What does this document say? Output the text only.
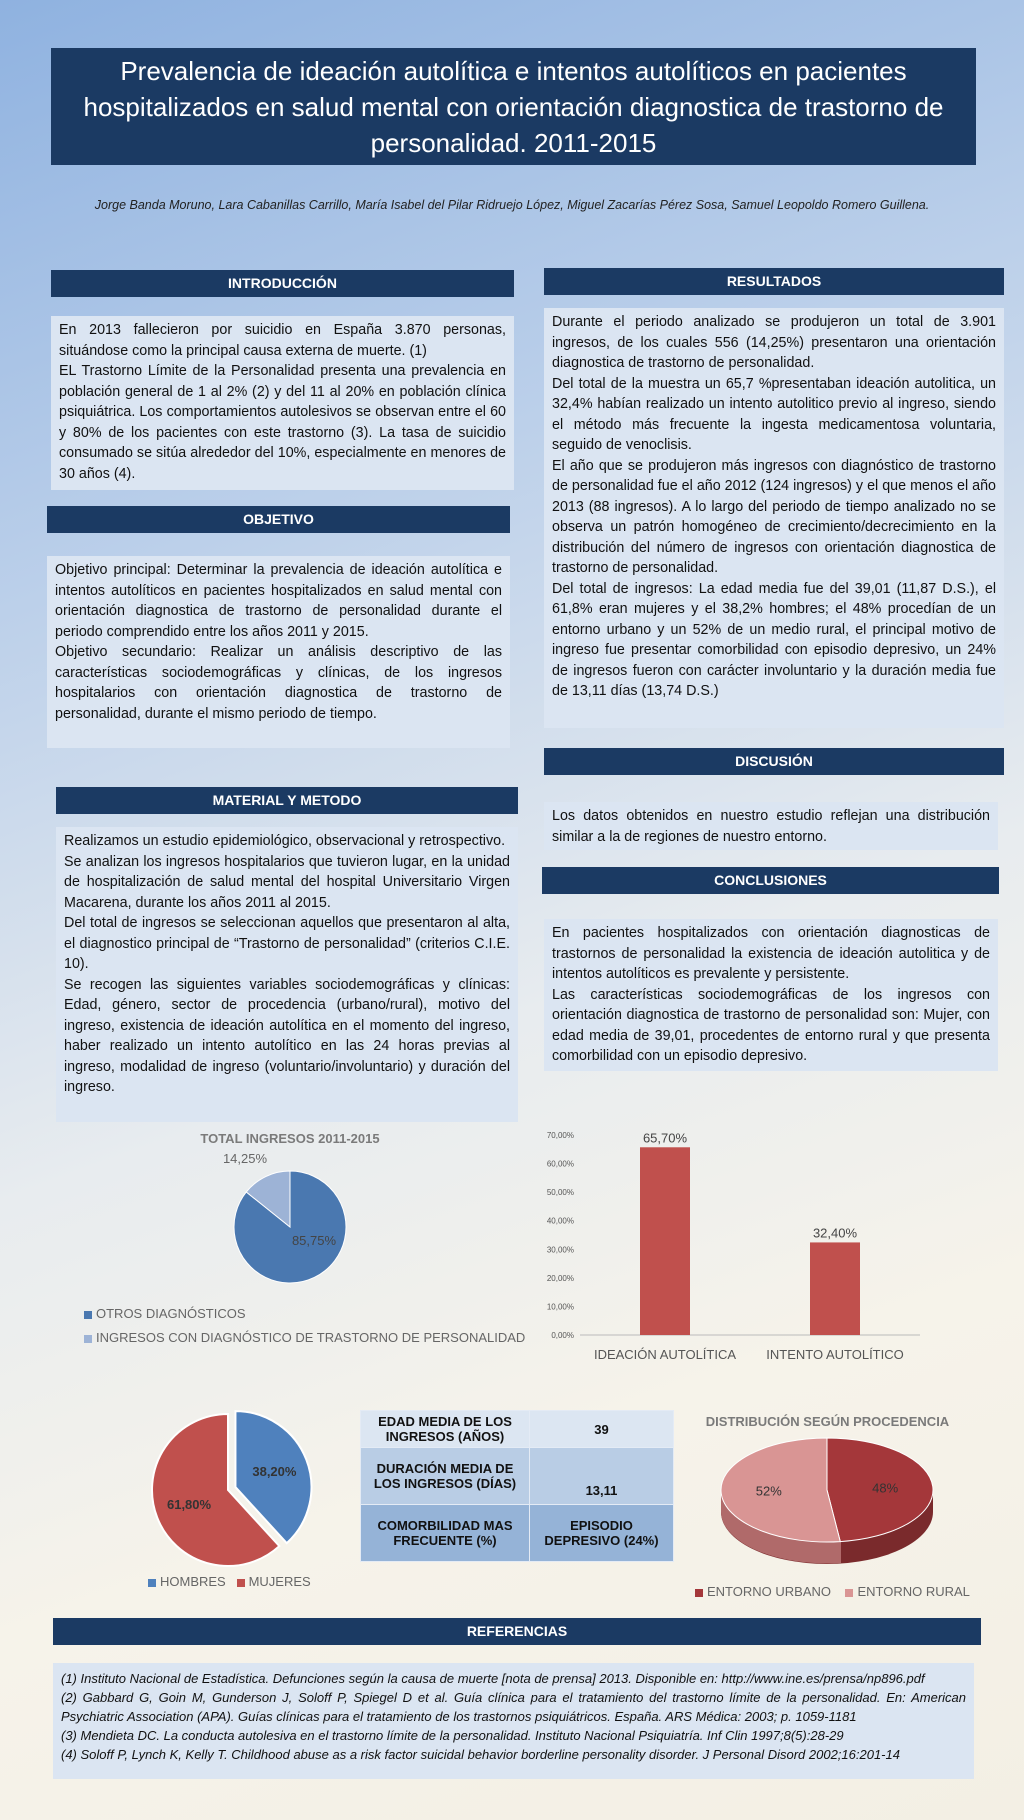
Prevalencia de ideación autolítica e intentos autolíticos en pacientes hospitalizados en salud mental con orientación diagnostica de trastorno de personalidad. 2011-2015
Jorge Banda Moruno, Lara Cabanillas Carrillo, María Isabel del Pilar Ridruejo López, Miguel Zacarías Pérez Sosa, Samuel Leopoldo Romero Guillena.
INTRODUCCIÓN

En 2013 fallecieron por suicidio en España 3.870 personas, situándose como la principal causa externa de muerte. (1)

EL Trastorno Límite de la Personalidad presenta una prevalencia en población general de 1 al 2% (2) y del 11 al 20% en población clínica psiquiátrica. Los comportamientos autolesivos se observan entre el 60 y 80% de los pacientes con este trastorno (3). La tasa de suicidio consumado se sitúa alrededor del 10%, especialmente en menores de 30 años (4).

OBJETIVO

Objetivo principal: Determinar la prevalencia de ideación autolítica e intentos autolíticos en pacientes hospitalizados en salud mental con orientación diagnostica de trastorno de personalidad durante el periodo comprendido entre los años 2011 y 2015.

Objetivo secundario: Realizar un análisis descriptivo de las características sociodemográficas y clínicas, de los ingresos hospitalarios con orientación diagnostica de trastorno de personalidad, durante el mismo periodo de tiempo.

MATERIAL Y METODO

Realizamos un estudio epidemiológico, observacional y retrospectivo.

Se analizan los ingresos hospitalarios que tuvieron lugar, en la unidad de hospitalización de salud mental del hospital Universitario Virgen Macarena, durante los años 2011 al 2015.

Del total de ingresos se seleccionan aquellos que presentaron al alta, el diagnostico principal de “Trastorno de personalidad” (criterios C.I.E. 10).

Se recogen las siguientes variables sociodemográficas y clínicas: Edad, género, sector de procedencia (urbano/rural), motivo del ingreso, existencia de ideación autolítica en el momento del ingreso, haber realizado un intento autolítico en las 24 horas previas al ingreso, modalidad de ingreso (voluntario/involuntario) y duración del ingreso.

RESULTADOS

Durante el periodo analizado se produjeron un total de 3.901 ingresos, de los cuales 556 (14,25%) presentaron una orientación diagnostica de trastorno de personalidad.

Del total de la muestra un 65,7 %presentaban ideación autolitica, un 32,4% habían realizado un intento autolitico previo al ingreso, siendo el método más frecuente la ingesta medicamentosa voluntaria, seguido de venoclisis.

El año que se produjeron más ingresos con diagnóstico de trastorno de personalidad fue el año 2012 (124 ingresos) y el que menos el año 2013 (88 ingresos). A lo largo del periodo de tiempo analizado no se observa un patrón homogéneo de crecimiento/decrecimiento en la distribución del número de ingresos con orientación diagnostica de trastorno de personalidad.

Del total de ingresos: La edad media fue del 39,01 (11,87 D.S.), el 61,8% eran mujeres y el 38,2% hombres; el 48% procedían de un entorno urbano y un 52% de un medio rural, el principal motivo de ingreso fue presentar comorbilidad con episodio depresivo, un 24% de ingresos fueron con carácter involuntario y la duración media fue de 13,11 días (13,74 D.S.)

DISCUSIÓN

Los datos obtenidos en nuestro estudio reflejan una distribución similar a la de regiones de nuestro entorno.

CONCLUSIONES

En pacientes hospitalizados con orientación diagnosticas de trastornos de personalidad la existencia de ideación autolitica y de intentos autolíticos es prevalente y persistente.

Las características sociodemográficas de los ingresos con orientación diagnostica de trastorno de personalidad son: Mujer, con edad media de 39,01, procedentes de entorno rural y que presenta comorbilidad con un episodio depresivo.

TOTAL INGRESOS 2011-2015
85,75%
14,25%
OTROS DIAGNÓSTICOS
INGRESOS CON DIAGNÓSTICO DE TRASTORNO DE PERSONALIDAD	0,00%
10,00%
20,00%
30,00%
40,00%
50,00%
60,00%
70,00%	65,70%
IDEACIÓN AUTOLÍTICA
32,40%
INTENTO AUTOLÍTICO
38,20%
61,80%
HOMBRES MUJERES
EDAD MEDIA DE LOS INGRESOS (AÑOS)	39
DURACIÓN MEDIA DE LOS INGRESOS (DÍAS)	13,11
COMORBILIDAD MAS FRECUENTE (%)	EPISODIO DEPRESIVO (24%)
DISTRIBUCIÓN SEGÚN PROCEDENCIA
48%
52%
ENTORNO URBANO ENTORNO RURAL
REFERENCIAS

(1) Instituto Nacional de Estadística. Defunciones según la causa de muerte [nota de prensa] 2013. Disponible en: http://www.ine.es/prensa/np896.pdf

(2) Gabbard G, Goin M, Gunderson J, Soloff P, Spiegel D et al. Guía clínica para el tratamiento del trastorno límite de la personalidad. En: American Psychiatric Association (APA). Guías clínicas para el tratamiento de los trastornos psiquiátricos. España. ARS Médica: 2003; p. 1059-1181

(3) Mendieta DC. La conducta autolesiva en el trastorno límite de la personalidad. Instituto Nacional Psiquiatría. Inf Clin 1997;8(5):28-29

(4) Soloff P, Lynch K, Kelly T. Childhood abuse as a risk factor suicidal behavior borderline personality disorder. J Personal Disord 2002;16:201-14
